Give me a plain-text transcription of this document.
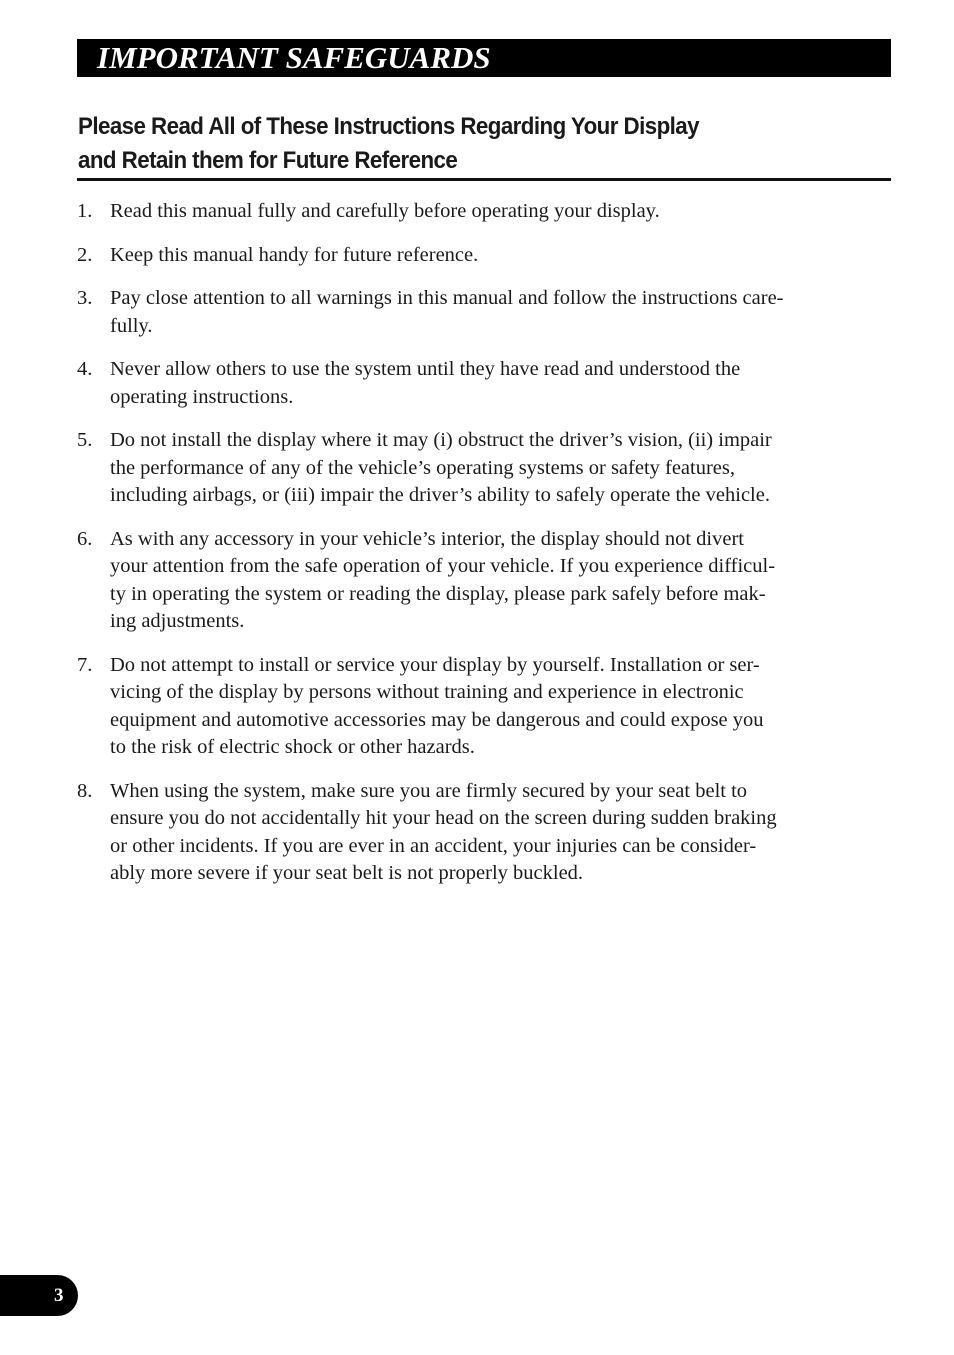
IMPORTANT SAFEGUARDS
Please Read All of These Instructions Regarding Your Display
and Retain them for Future Reference
1. Read this manual fully and carefully before operating your display.
2. Keep this manual handy for future reference.
3. Pay close attention to all warnings in this manual and follow the instructions care-
fully.
4. Never allow others to use the system until they have read and understood the
operating instructions.
5. Do not install the display where it may (i) obstruct the driver’s vision, (ii) impair
the performance of any of the vehicle’s operating systems or safety features,
including airbags, or (iii) impair the driver’s ability to safely operate the vehicle.
6. As with any accessory in your vehicle’s interior, the display should not divert
your attention from the safe operation of your vehicle. If you experience difficul-
ty in operating the system or reading the display, please park safely before mak-
ing adjustments.
7. Do not attempt to install or service your display by yourself. Installation or ser-
vicing of the display by persons without training and experience in electronic
equipment and automotive accessories may be dangerous and could expose you
to the risk of electric shock or other hazards.
8. When using the system, make sure you are firmly secured by your seat belt to
ensure you do not accidentally hit your head on the screen during sudden braking
or other incidents. If you are ever in an accident, your injuries can be consider-
ably more severe if your seat belt is not properly buckled.
3
